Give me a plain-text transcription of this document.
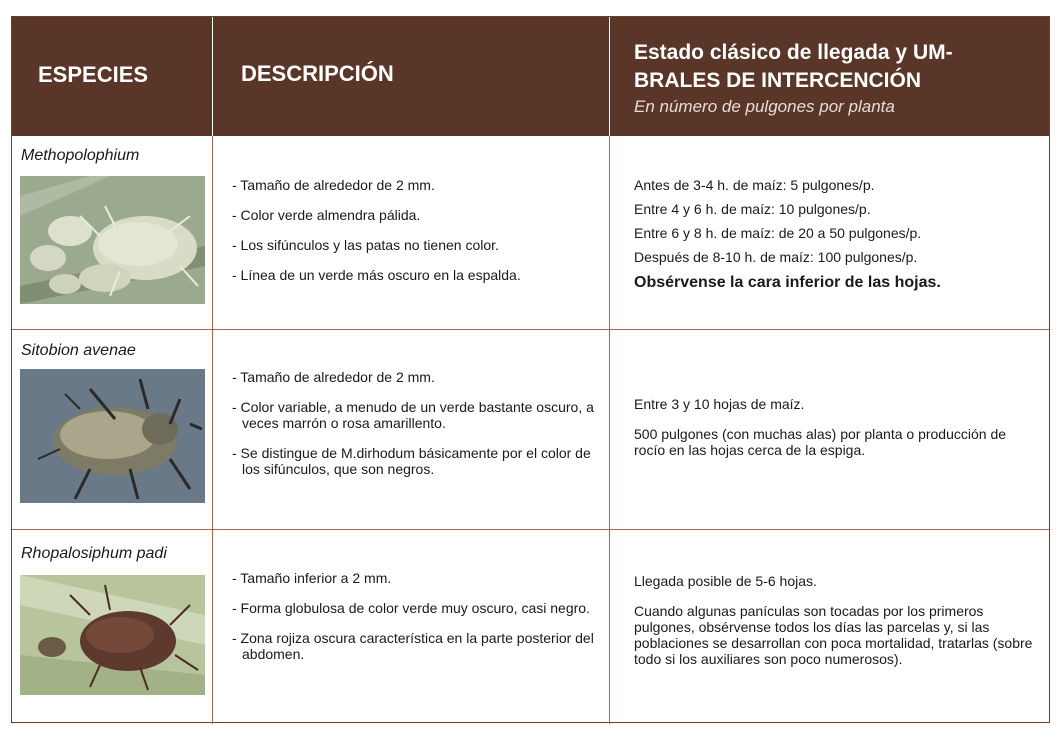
ESPECIES	DESCRIPCIÓN
Estado clásico de llegada y UM-BRALES DE INTERCENCIÓN
En número de pulgones por planta
Methopolophium

- Tamaño de alrededor de 2 mm.

- Color verde almendra pálida.

- Los sifúnculos y las patas no tienen color.

- Línea de un verde más oscuro en la espalda.

Antes de 3-4 h. de maíz: 5 pulgones/p.

Entre 4 y 6 h. de maíz: 10 pulgones/p.

Entre 6 y 8 h. de maíz: de 20 a 50 pulgones/p.

Después de 8-10 h. de maíz: 100 pulgones/p.

Obsérvense la cara inferior de las hojas.

Sitobion avenae

- Tamaño de alrededor de 2 mm.

- Color variable, a menudo de un verde bastante oscuro, a veces marrón o rosa amarillento.

- Se distingue de M.dirhodum básicamente por el color de los sifúnculos, que son negros.

Entre 3 y 10 hojas de maíz.

500 pulgones (con muchas alas) por planta o producción de rocío en las hojas cerca de la espiga.

Rhopalosiphum padi

- Tamaño inferior a 2 mm.

- Forma globulosa de color verde muy oscuro, casi negro.

- Zona rojiza oscura característica en la parte posterior del abdomen.

Llegada posible de 5-6 hojas.

Cuando algunas panículas son tocadas por los primeros pulgones, obsérvense todos los días las parcelas y, si las poblaciones se desarrollan con poca mortalidad, tratarlas (sobre todo si los auxiliares son poco numerosos).
